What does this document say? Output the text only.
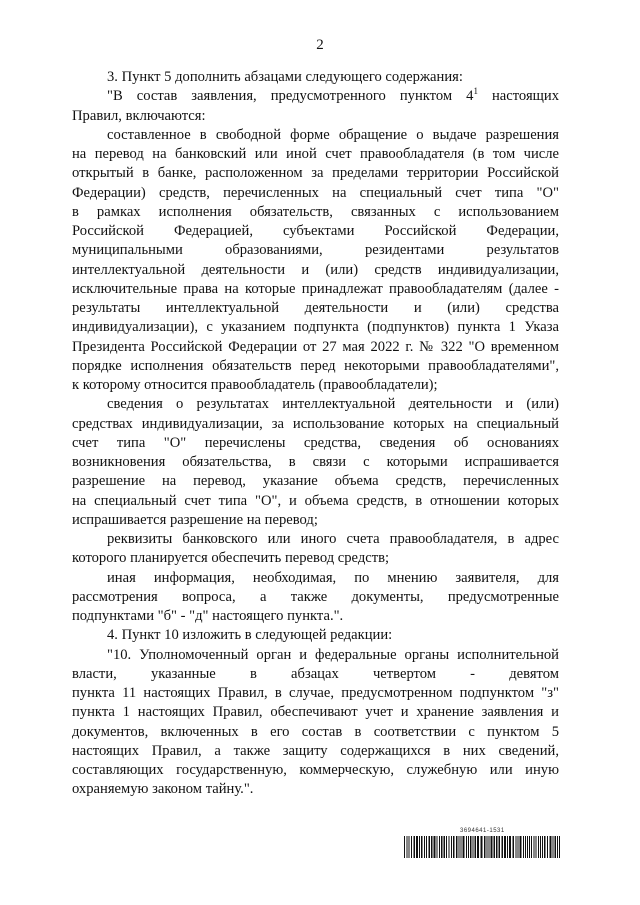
2
3. Пункт 5 дополнить абзацами следующего содержания:
"В состав заявления, предусмотренного пунктом $4^1$ настоящих
Правил, включаются:
составленное в свободной форме обращение о выдаче разрешения
на перевод на банковский или иной счет правообладателя (в том числе
открытый в банке, расположенном за пределами территории Российской
Федерации) средств, перечисленных на специальный счет типа "О"
в рамках исполнения обязательств, связанных с использованием
Российской Федерацией, субъектами Российской Федерации,
муниципальными образованиями, резидентами результатов
интеллектуальной деятельности и (или) средств индивидуализации,
исключительные права на которые принадлежат правообладателям (далее -
результаты интеллектуальной деятельности и (или) средства
индивидуализации), с указанием подпункта (подпунктов) пункта 1 Указа
Президента Российской Федерации от 27 мая 2022 г. № 322 "О временном
порядке исполнения обязательств перед некоторыми правообладателями",
к которому относится правообладатель (правообладатели);
сведения о результатах интеллектуальной деятельности и (или)
средствах индивидуализации, за использование которых на специальный
счет типа "О" перечислены средства, сведения об основаниях
возникновения обязательства, в связи с которыми испрашивается
разрешение на перевод, указание объема средств, перечисленных
на специальный счет типа "О", и объема средств, в отношении которых
испрашивается разрешение на перевод;
реквизиты банковского или иного счета правообладателя, в адрес
которого планируется обеспечить перевод средств;
иная информация, необходимая, по мнению заявителя, для
рассмотрения вопроса, а также документы, предусмотренные
подпунктами "б" - "д" настоящего пункта.".
4. Пункт 10 изложить в следующей редакции:
"10. Уполномоченный орган и федеральные органы исполнительной
власти, указанные в абзацах четвертом - девятом
пункта 11 настоящих Правил, в случае, предусмотренном подпунктом "з"
пункта 1 настоящих Правил, обеспечивают учет и хранение заявления и
документов, включенных в его состав в соответствии с пунктом 5
настоящих Правил, а также защиту содержащихся в них сведений,
составляющих государственную, коммерческую, служебную или иную
охраняемую законом тайну.".
3694641-1531
